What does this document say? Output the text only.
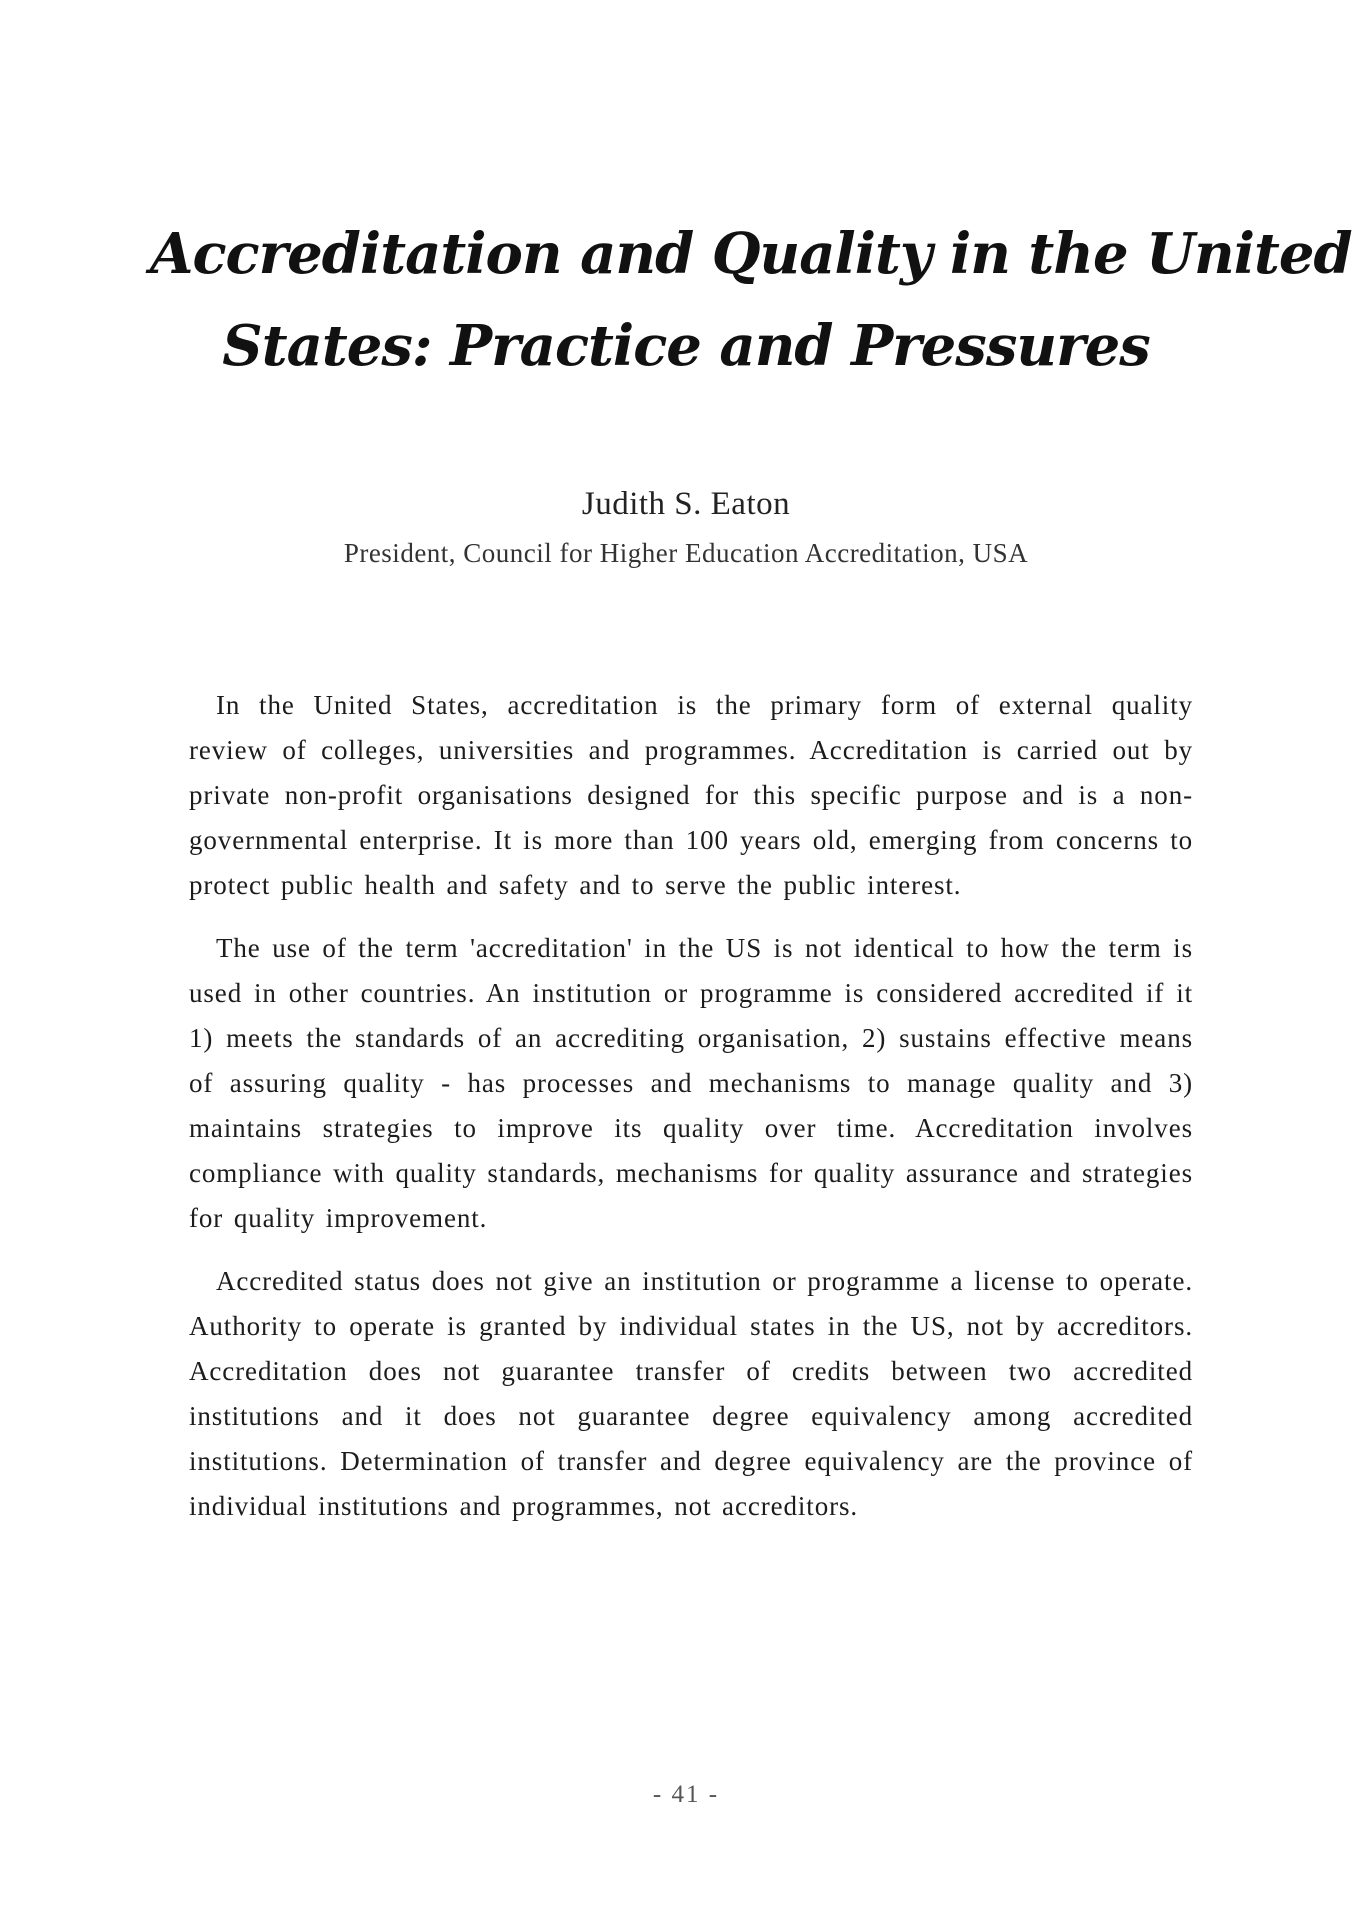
Accreditation and Quality in the United
States: Practice and Pressures
Judith S. Eaton
President, Council for Higher Education Accreditation, USA

In the United States, accreditation is the primary form of external quality review of colleges, universities and programmes. Accreditation is carried out by private non-profit organisations designed for this specific purpose and is a non-governmental enterprise. It is more than 100 years old, emerging from concerns to protect public health and safety and to serve the public interest.

The use of the term 'accreditation' in the US is not identical to how the term is used in other countries. An institution or programme is considered accredited if it 1) meets the standards of an accrediting organisation, 2) sustains effective means of assuring quality - has processes and mechanisms to manage quality and 3) maintains strategies to improve its quality over time. Accreditation involves compliance with quality standards, mechanisms for quality assurance and strategies for quality improvement.

Accredited status does not give an institution or programme a license to operate. Authority to operate is granted by individual states in the US, not by accreditors. Accreditation does not guarantee transfer of credits between two accredited institutions and it does not guarantee degree equivalency among accredited institutions. Determination of transfer and degree equivalency are the province of individual institutions and programmes, not accreditors.

- 41 -
